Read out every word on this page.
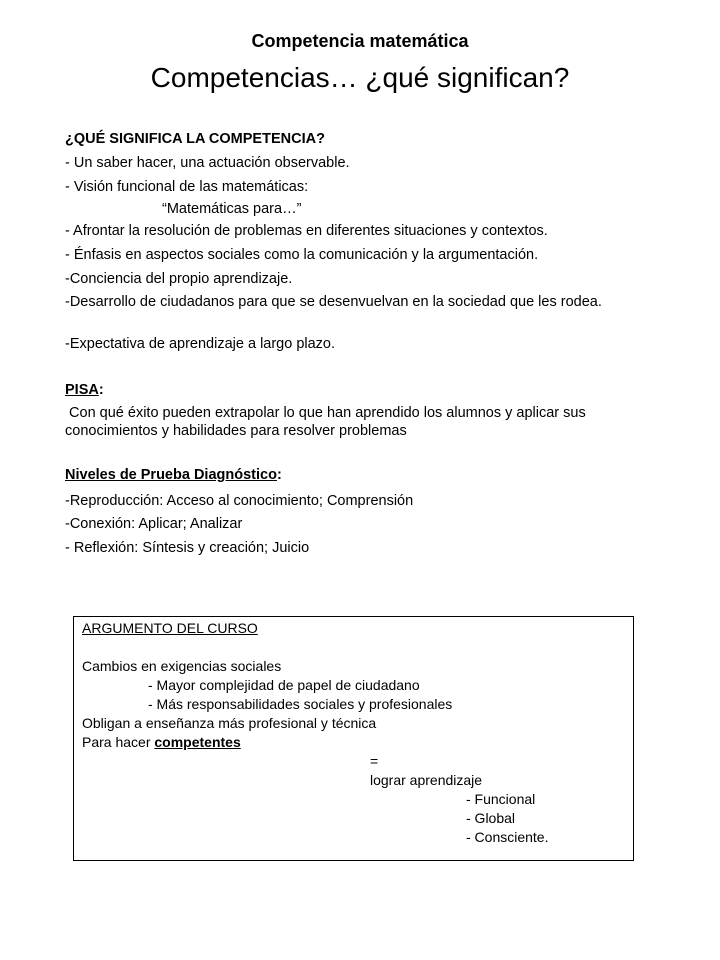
Competencia matemática
Competencias… ¿qué significan?
¿QUÉ SIGNIFICA LA COMPETENCIA?
- Un saber hacer, una actuación observable.
- Visión funcional de las matemáticas:
“Matemáticas para…”
- Afrontar la resolución de problemas en diferentes situaciones y contextos.
- Énfasis en aspectos sociales como la comunicación y la argumentación.
-Conciencia del propio aprendizaje.
-Desarrollo de ciudadanos para que se desenvuelvan en la sociedad que les rodea.
-Expectativa de aprendizaje a largo plazo.
PISA:
Con qué éxito pueden extrapolar lo que han aprendido los alumnos y aplicar sus conocimientos y habilidades para resolver problemas
Niveles de Prueba Diagnóstico:
-Reproducción: Acceso al conocimiento; Comprensión
-Conexión: Aplicar; Analizar
- Reflexión: Síntesis y creación; Juicio
ARGUMENTO DEL CURSO
Cambios en exigencias sociales
- Mayor complejidad de papel de ciudadano
- Más responsabilidades sociales y profesionales
Obligan a enseñanza más profesional y técnica
Para hacer competentes
=
lograr aprendizaje
- Funcional
- Global
- Consciente.
